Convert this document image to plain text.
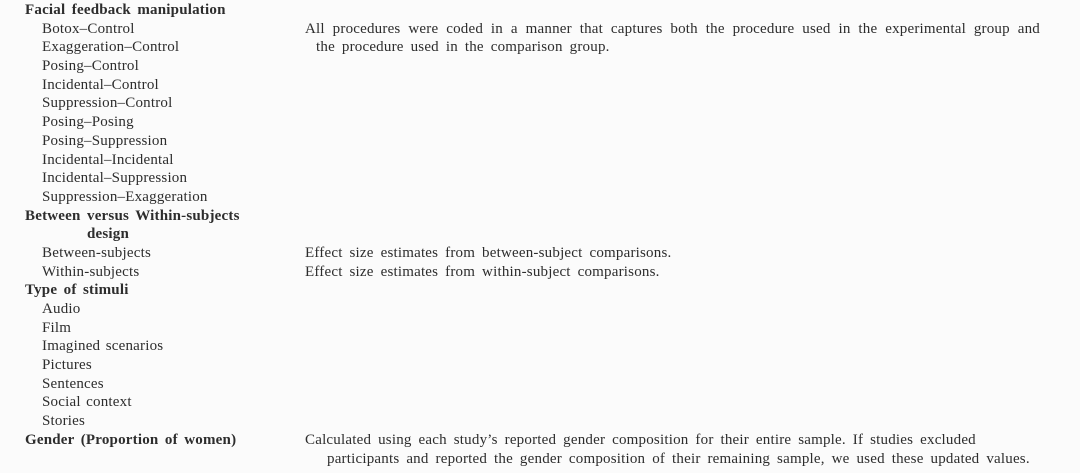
Facial feedback manipulation
Botox–Control
Exaggeration–Control
Posing–Control
Incidental–Control
Suppression–Control
Posing–Posing
Posing–Suppression
Incidental–Incidental
Incidental–Suppression
Suppression–Exaggeration
Between versus Within-subjects
design
Between-subjects
Within-subjects
Type of stimuli
Audio
Film
Imagined scenarios
Pictures
Sentences
Social context
Stories
Gender (Proportion of women)
All procedures were coded in a manner that captures both the procedure used in the experimental group and the procedure used in the comparison group.
Effect size estimates from between-subject comparisons.
Effect size estimates from within-subject comparisons.
Calculated using each study’s reported gender composition for their entire sample. If studies excluded participants and reported the gender composition of their remaining sample, we used these updated values.
